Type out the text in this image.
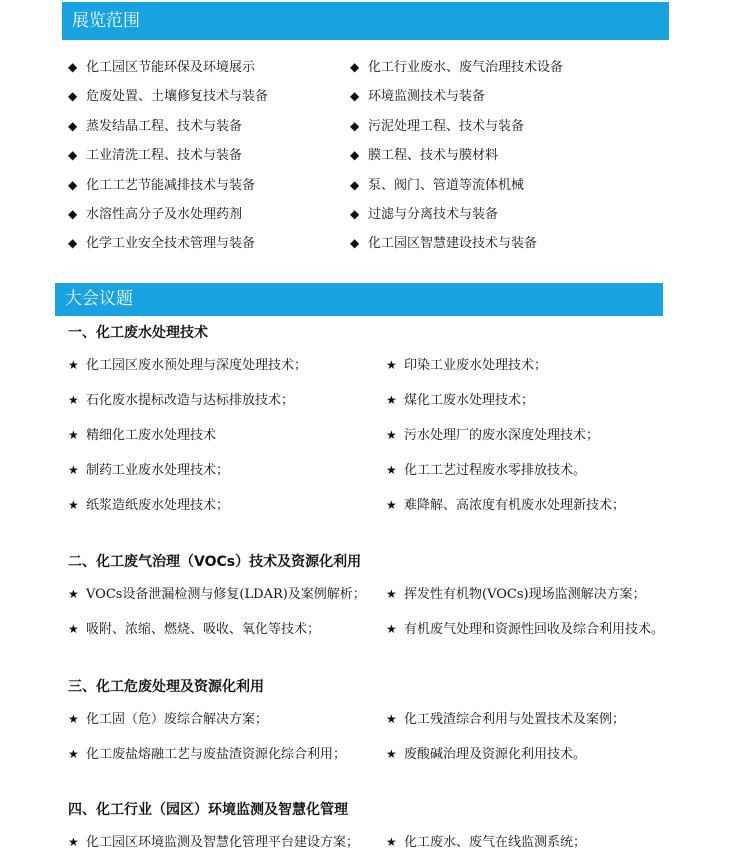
展览范围
◆ 化工园区节能环保及环境展示
◆ 危废处置、土壤修复技术与装备
◆ 蒸发结晶工程、技术与装备
◆ 工业清洗工程、技术与装备
◆ 化工工艺节能减排技术与装备
◆ 水溶性高分子及水处理药剂
◆ 化学工业安全技术管理与装备
◆ 化工行业废水、废气治理技术设备
◆ 环境监测技术与装备
◆ 污泥处理工程、技术与装备
◆ 膜工程、技术与膜材料
◆ 泵、阀门、管道等流体机械
◆ 过滤与分离技术与装备
◆ 化工园区智慧建设技术与装备
大会议题
一、化工废水处理技术
★ 化工园区废水预处理与深度处理技术；
★ 石化废水提标改造与达标排放技术；
★ 精细化工废水处理技术
★ 制药工业废水处理技术；
★ 纸浆造纸废水处理技术；
★ 印染工业废水处理技术；
★ 煤化工废水处理技术；
★ 污水处理厂的废水深度处理技术；
★ 化工工艺过程废水零排放技术。
★ 难降解、高浓度有机废水处理新技术；
二、化工废气治理（VOCs）技术及资源化利用
★ VOCs设备泄漏检测与修复(LDAR)及案例解析；
★ 吸附、浓缩、燃烧、吸收、氧化等技术；
★ 挥发性有机物(VOCs)现场监测解决方案；
★ 有机废气处理和资源性回收及综合利用技术。
三、化工危废处理及资源化利用
★ 化工固（危）废综合解决方案；
★ 化工废盐熔融工艺与废盐渣资源化综合利用；
★ 化工残渣综合利用与处置技术及案例；
★ 废酸碱治理及资源化利用技术。
四、化工行业（园区）环境监测及智慧化管理
★ 化工园区环境监测及智慧化管理平台建设方案； ★ 化工废水、废气在线监测系统；
